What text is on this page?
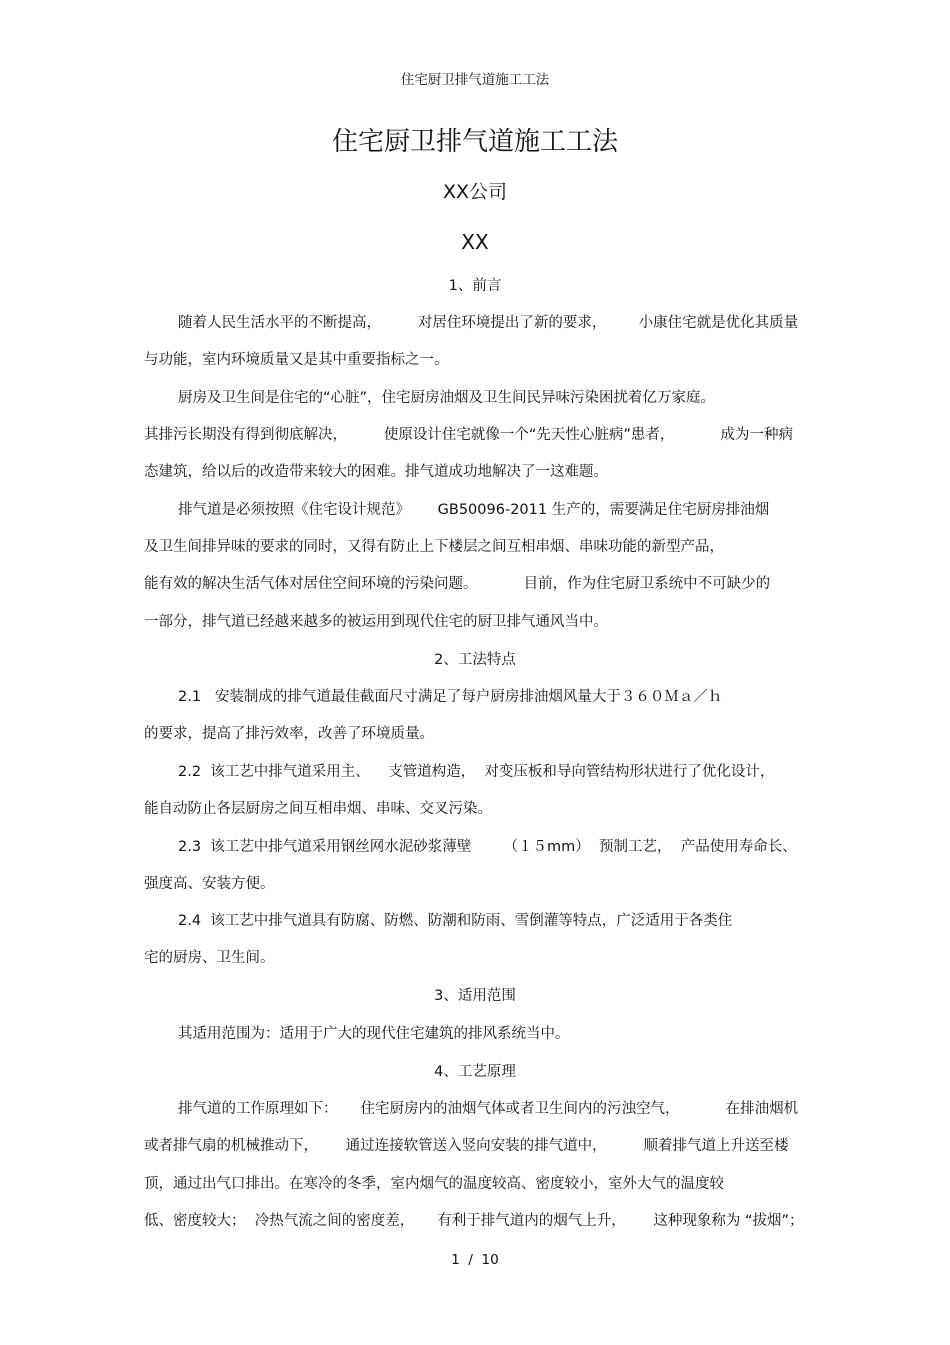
住宅厨卫排气道施工工法
住宅厨卫排气道施工工法
XX公司
XX
1、前言
随着人民生活水平的不断提高，        对居住环境提出了新的要求，       小康住宅就是优化其质量
与功能，室内环境质量又是其中重要指标之一。
厨房及卫生间是住宅的“心脏”，住宅厨房油烟及卫生间民异味污染困扰着亿万家庭。
其排污长期没有得到彻底解决，        使原设计住宅就像一个“先天性心脏病”患者，          成为一种病
态建筑，给以后的改造带来较大的困难。排气道成功地解决了一这难题。
排气道是必须按照《住宅设计规范》      GB50096-2011 生产的，需要满足住宅厨房排油烟
及卫生间排异味的要求的同时，又得有防止上下楼层之间互相串烟、串味功能的新型产品，
能有效的解决生活气体对居住空间环境的污染问题。          目前，作为住宅厨卫系统中不可缺少的
一部分，排气道已经越来越多的被运用到现代住宅的厨卫排气通风当中。
2、工法特点
2.1   安装制成的排气道最佳截面尺寸满足了每户厨房排油烟风量大于３６０Ｍａ／ｈ
的要求，提高了排污效率，改善了环境质量。
2.2  该工艺中排气道采用主、    支管道构造，  对变压板和导向管结构形状进行了优化设计，
能自动防止各层厨房之间互相串烟、串味、交叉污染。
2.3  该工艺中排气道采用钢丝网水泥砂浆薄壁       （１５mm）  预制工艺，  产品使用寿命长、
强度高、安装方便。
2.4  该工艺中排气道具有防腐、防燃、防潮和防雨、雪倒灌等特点，广泛适用于各类住
宅的厨房、卫生间。
3、适用范围
其适用范围为：适用于广大的现代住宅建筑的排风系统当中。
4、工艺原理
排气道的工作原理如下：     住宅厨房内的油烟气体或者卫生间内的污浊空气，          在排油烟机
或者排气扇的机械推动下，      通过连接软管送入竖向安装的排气道中，        顺着排气道上升送至楼
顶，通过出气口排出。在寒冷的冬季，室内烟气的温度较高、密度较小，室外大气的温度较
低、密度较大；  冷热气流之间的密度差，     有利于排气道内的烟气上升，      这种现象称为 “拔烟”；
1  /  10
